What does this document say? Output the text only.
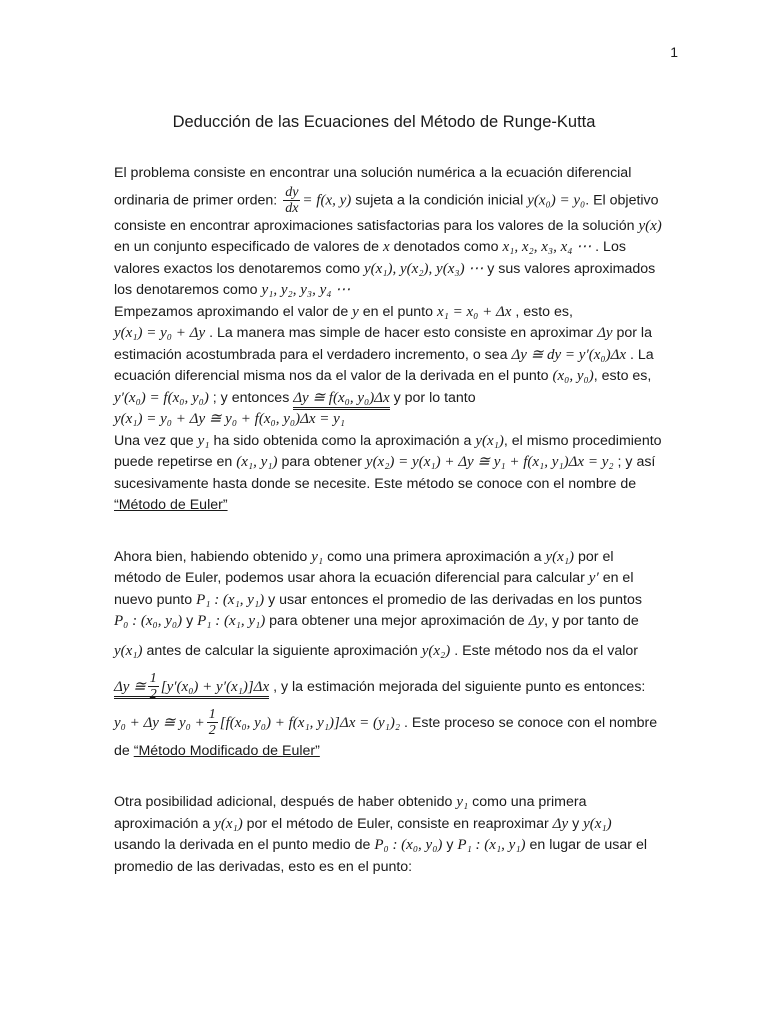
1
Deducción de las Ecuaciones del Método de Runge-Kutta

El problema consiste en encontrar una solución numérica a la ecuación diferencial ordinaria de primer orden: $\frac{dy}{dx} = f(x$, y) sujeta a la condición inicial y(x₀) = y₀. El objetivo consiste en encontrar aproximaciones satisfactorias para los valores de la solución y(x) en un conjunto especificado de valores de x denotados como x₁, x₂, x₃, x₄ ⋯ . Los valores exactos los denotaremos como y(x₁), y(x₂), y(x₃) ⋯ y sus valores aproximados los denotaremos como y₁, y₂, y₃, y₄ ⋯

Empezamos aproximando el valor de y en el punto x₁ = x₀ + Δx , esto es, y(x₁) = y₀ + Δy . La manera mas simple de hacer esto consiste en aproximar Δy por la estimación acostumbrada para el verdadero incremento, o sea Δy ≅ dy = y′(x₀)Δx . La ecuación diferencial misma nos da el valor de la derivada en el punto (x₀, y₀), esto es, y′(x₀) = f(x₀, y₀) ; y entonces Δy ≅ f(x₀, y₀)Δx y por lo tanto
y(x₁) = y₀ + Δy ≅ y₀ + f(x₀, y₀)Δx = y₁

Una vez que y₁ ha sido obtenida como la aproximación a y(x₁), el mismo procedimiento puede repetirse en (x₁, y₁) para obtener y(x₂) = y(x₁) + Δy ≅ y₁ + f(x₁, y₁)Δx = y₂ ; y así sucesivamente hasta donde se necesite. Este método se conoce con el nombre de “Método de Euler”

Ahora bien, habiendo obtenido y₁ como una primera aproximación a y(x₁) por el método de Euler, podemos usar ahora la ecuación diferencial para calcular y′ en el nuevo punto P₁ : (x₁, y₁) y usar entonces el promedio de las derivadas en los puntos P₀ : (x₀, y₀) y P₁ : (x₁, y₁) para obtener una mejor aproximación de Δy, y por tanto de y(x₁) antes de calcular la siguiente aproximación y(x₂) . Este método nos da el valor Δy ≅ $\frac{1}{2} [y'(x_0) + y'(x_1)]\Delta x$ , y la estimación mejorada del siguiente punto es entonces: y₀ + Δy ≅ $y_0 + \frac{1}{2} [f(x_0$, y₀) + f(x₁, y₁)]Δx = (y₁)₂ . Este proceso se conoce con el nombre de “Método Modificado de Euler”

Otra posibilidad adicional, después de haber obtenido y₁ como una primera aproximación a y(x₁) por el método de Euler, consiste en reaproximar Δy y y(x₁) usando la derivada en el punto medio de P₀ : (x₀, y₀) y P₁ : (x₁, y₁) en lugar de usar el promedio de las derivadas, esto es en el punto:
